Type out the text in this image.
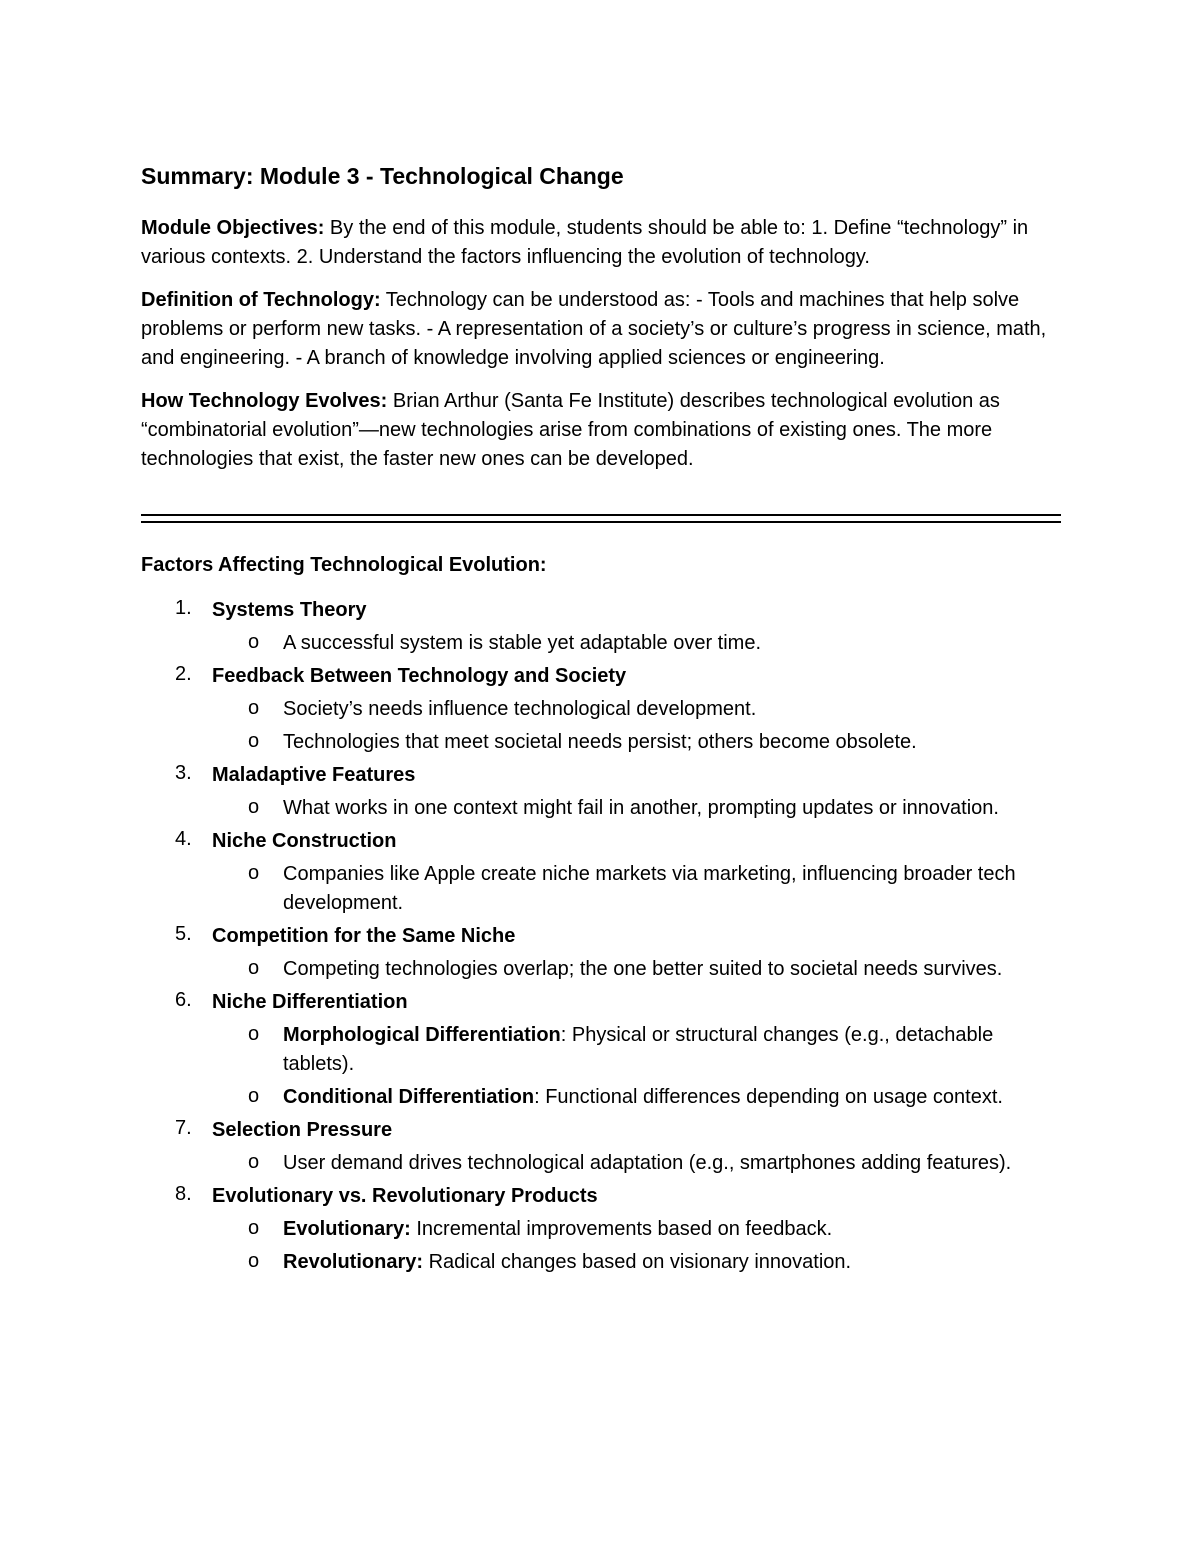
Summary: Module 3 - Technological Change

Module Objectives: By the end of this module, students should be able to: 1. Define “technology” in various contexts. 2. Understand the factors influencing the evolution of technology.

Definition of Technology: Technology can be understood as: - Tools and machines that help solve problems or perform new tasks. - A representation of a society’s or culture’s progress in science, math, and engineering. - A branch of knowledge involving applied sciences or engineering.

How Technology Evolves: Brian Arthur (Santa Fe Institute) describes technological evolution as “combinatorial evolution”—new technologies arise from combinations of existing ones. The more technologies that exist, the faster new ones can be developed.

Factors Affecting Technological Evolution:

1. Systems Theory
o A successful system is stable yet adaptable over time.
2. Feedback Between Technology and Society
o Society’s needs influence technological development.
o Technologies that meet societal needs persist; others become obsolete.
3. Maladaptive Features
o What works in one context might fail in another, prompting updates or innovation.
4. Niche Construction
o Companies like Apple create niche markets via marketing, influencing broader tech development.
5. Competition for the Same Niche
o Competing technologies overlap; the one better suited to societal needs survives.
6. Niche Differentiation
o Morphological Differentiation: Physical or structural changes (e.g., detachable tablets).
o Conditional Differentiation: Functional differences depending on usage context.
7. Selection Pressure
o User demand drives technological adaptation (e.g., smartphones adding features).
8. Evolutionary vs. Revolutionary Products
o Evolutionary: Incremental improvements based on feedback.
o Revolutionary: Radical changes based on visionary innovation.
